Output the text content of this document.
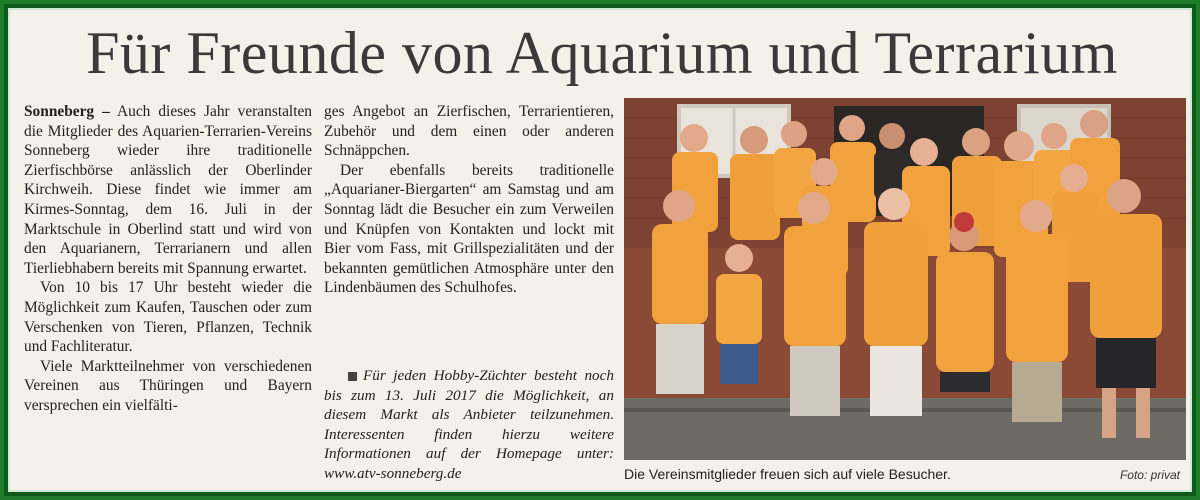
Für Freunde von Aquarium und Terrarium

Sonneberg – Auch dieses Jahr veranstalten die Mitglieder des Aquarien-Terrarien-Vereins Sonneberg wieder ihre traditionelle Zierfischbörse anlässlich der Oberlinder Kirchweih. Diese findet wie immer am Kirmes-Sonntag, dem 16. Juli in der Marktschule in Oberlind statt und wird von den Aquarianern, Terrarianern und allen Tierliebhabern bereits mit Spannung erwartet.

Von 10 bis 17 Uhr besteht wieder die Möglichkeit zum Kaufen, Tauschen oder zum Verschenken von Tieren, Pflanzen, Technik und Fachliteratur.

Viele Marktteilnehmer von verschiedenen Vereinen aus Thüringen und Bayern versprechen ein vielfälti-

ges Angebot an Zierfischen, Terrarientieren, Zubehör und dem einen oder anderen Schnäppchen.

Der ebenfalls bereits traditionelle „Aquarianer-Biergarten“ am Samstag und am Sonntag lädt die Besucher ein zum Verweilen und Knüpfen von Kontakten und lockt mit Bier vom Fass, mit Grillspezialitäten und der bekannten gemütlichen Atmosphäre unter den Lindenbäumen des Schulhofes.

Für jeden Hobby-Züchter besteht noch bis zum 13. Juli 2017 die Möglichkeit, an diesem Markt als Anbieter teilzunehmen. Interessenten finden hierzu weitere Informationen auf der Homepage unter: www.atv-sonneberg.de	Die Vereinsmitglieder freuen sich auf viele Besucher.	Foto: privat
